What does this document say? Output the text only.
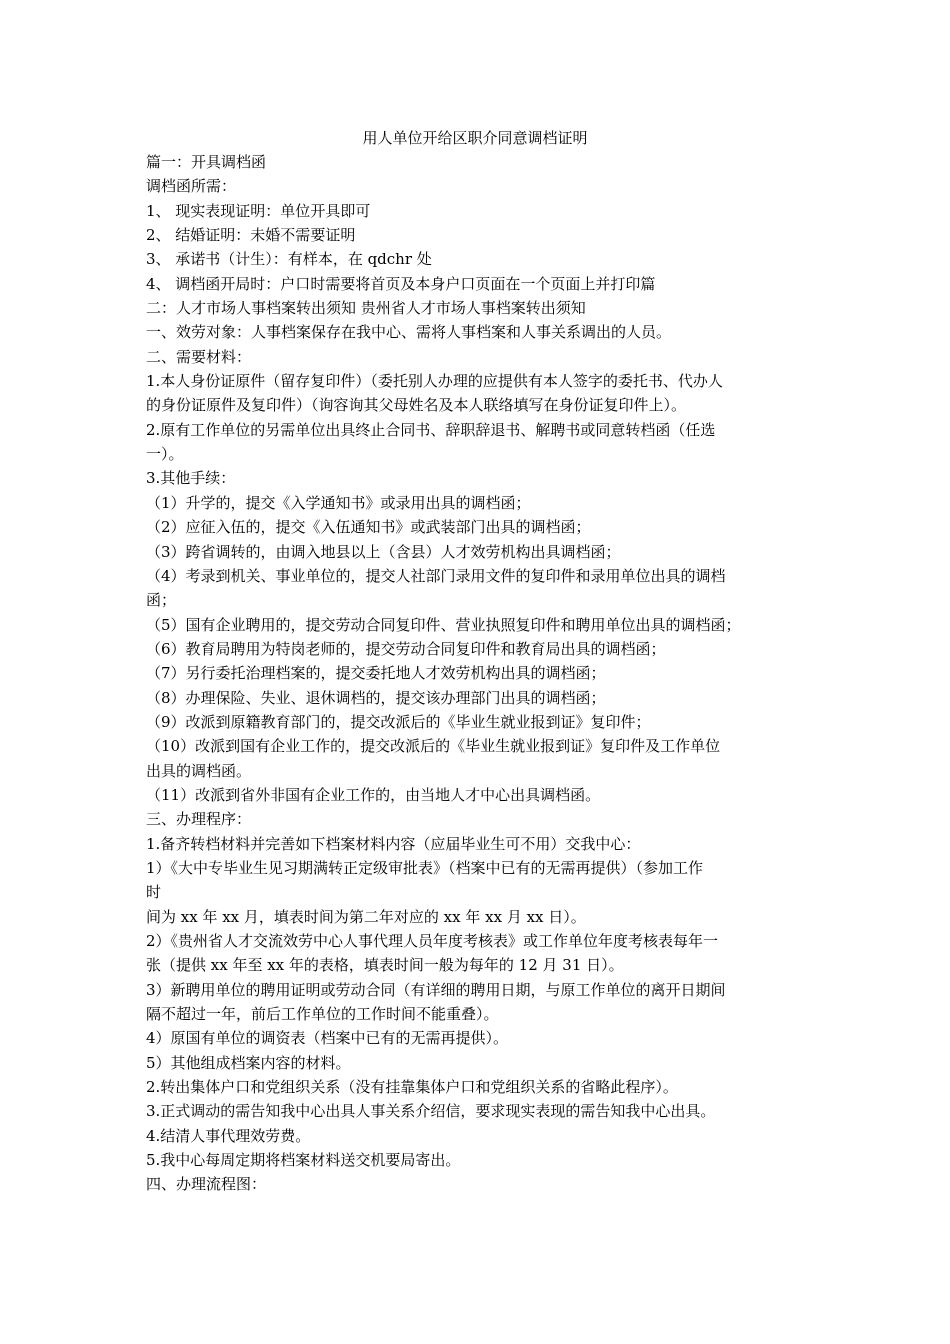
用人单位开给区职介同意调档证明
篇一：开具调档函
调档函所需：
1、 现实表现证明：单位开具即可
2、 结婚证明：未婚不需要证明
3、 承诺书（计生）：有样本，在 qdchr 处
4、 调档函开局时：户口时需要将首页及本身户口页面在一个页面上并打印篇
二：人才市场人事档案转出须知 贵州省人才市场人事档案转出须知
一、效劳对象：人事档案保存在我中心、需将人事档案和人事关系调出的人员。
二、需要材料：
1.本人身份证原件（留存复印件）（委托别人办理的应提供有本人签字的委托书、代办人
的身份证原件及复印件）（询容询其父母姓名及本人联络填写在身份证复印件上）。
2.原有工作单位的另需单位出具终止合同书、辞职辞退书、解聘书或同意转档函（任选
一）。
3.其他手续：
（1）升学的，提交《入学通知书》或录用出具的调档函；
（2）应征入伍的，提交《入伍通知书》或武装部门出具的调档函；
（3）跨省调转的，由调入地县以上（含县）人才效劳机构出具调档函；
（4）考录到机关、事业单位的，提交人社部门录用文件的复印件和录用单位出具的调档
函；
（5）国有企业聘用的，提交劳动合同复印件、营业执照复印件和聘用单位出具的调档函；
（6）教育局聘用为特岗老师的，提交劳动合同复印件和教育局出具的调档函；
（7）另行委托治理档案的，提交委托地人才效劳机构出具的调档函；
（8）办理保险、失业、退休调档的，提交该办理部门出具的调档函；
（9）改派到原籍教育部门的，提交改派后的《毕业生就业报到证》复印件；
（10）改派到国有企业工作的，提交改派后的《毕业生就业报到证》复印件及工作单位
出具的调档函。
（11）改派到省外非国有企业工作的，由当地人才中心出具调档函。
三、办理程序：
1.备齐转档材料并完善如下档案材料内容（应届毕业生可不用）交我中心：
1）《大中专毕业生见习期满转正定级审批表》（档案中已有的无需再提供）（参加工作
时
间为 xx 年 xx 月，填表时间为第二年对应的 xx 年 xx 月 xx 日）。
2）《贵州省人才交流效劳中心人事代理人员年度考核表》或工作单位年度考核表每年一
张（提供 xx 年至 xx 年的表格，填表时间一般为每年的 12 月 31 日）。
3）新聘用单位的聘用证明或劳动合同（有详细的聘用日期，与原工作单位的离开日期间
隔不超过一年，前后工作单位的工作时间不能重叠）。
4）原国有单位的调资表（档案中已有的无需再提供）。
5）其他组成档案内容的材料。
2.转出集体户口和党组织关系（没有挂靠集体户口和党组织关系的省略此程序）。
3.正式调动的需告知我中心出具人事关系介绍信，要求现实表现的需告知我中心出具。
4.结清人事代理效劳费。
5.我中心每周定期将档案材料送交机要局寄出。
四、办理流程图：
